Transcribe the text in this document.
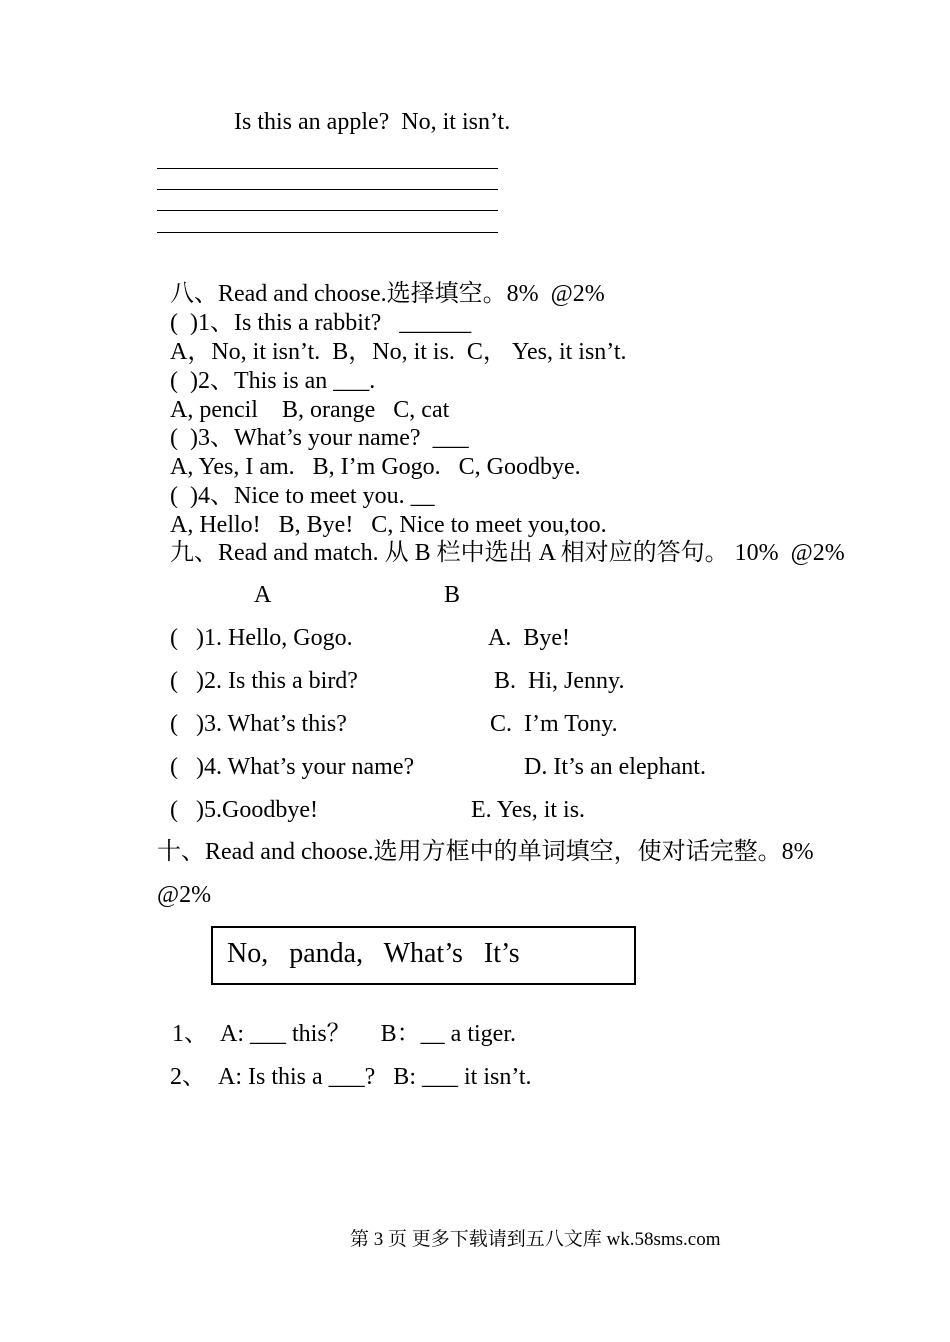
Is this an apple?  No, it isn’t.
八、Read and choose.选择填空。8%  @2%
(  )1、Is this a rabbit?   ______
A，No, it isn’t.  B，No, it is.  C， Yes, it isn’t.
(  )2、This is an ___.
A, pencil    B, orange   C, cat
(  )3、What’s your name?  ___
A, Yes, I am.   B, I’m Gogo.   C, Goodbye.
(  )4、Nice to meet you. __
A, Hello!   B, Bye!   C, Nice to meet you,too.
九、Read and match. 从 B 栏中选出 A 相对应的答句。 10%  @2%
A	B
(   )1. Hello, Gogo.	A.  Bye!
(   )2. Is this a bird?	B.  Hi, Jenny.
(   )3. What’s this?	C.  I’m Tony.
(   )4. What’s your name?	D. It’s an elephant.
(   )5.Goodbye!	E. Yes, it is.
十、Read and choose.选用方框中的单词填空，使对话完整。8%
@2%
No,   panda,   What’s   It’s
1、  A: ___ this？     B：__ a tiger.
2、  A: Is this a ___?   B: ___ it isn’t.
第 3 页 更多下载请到五八文库 wk.58sms.com
